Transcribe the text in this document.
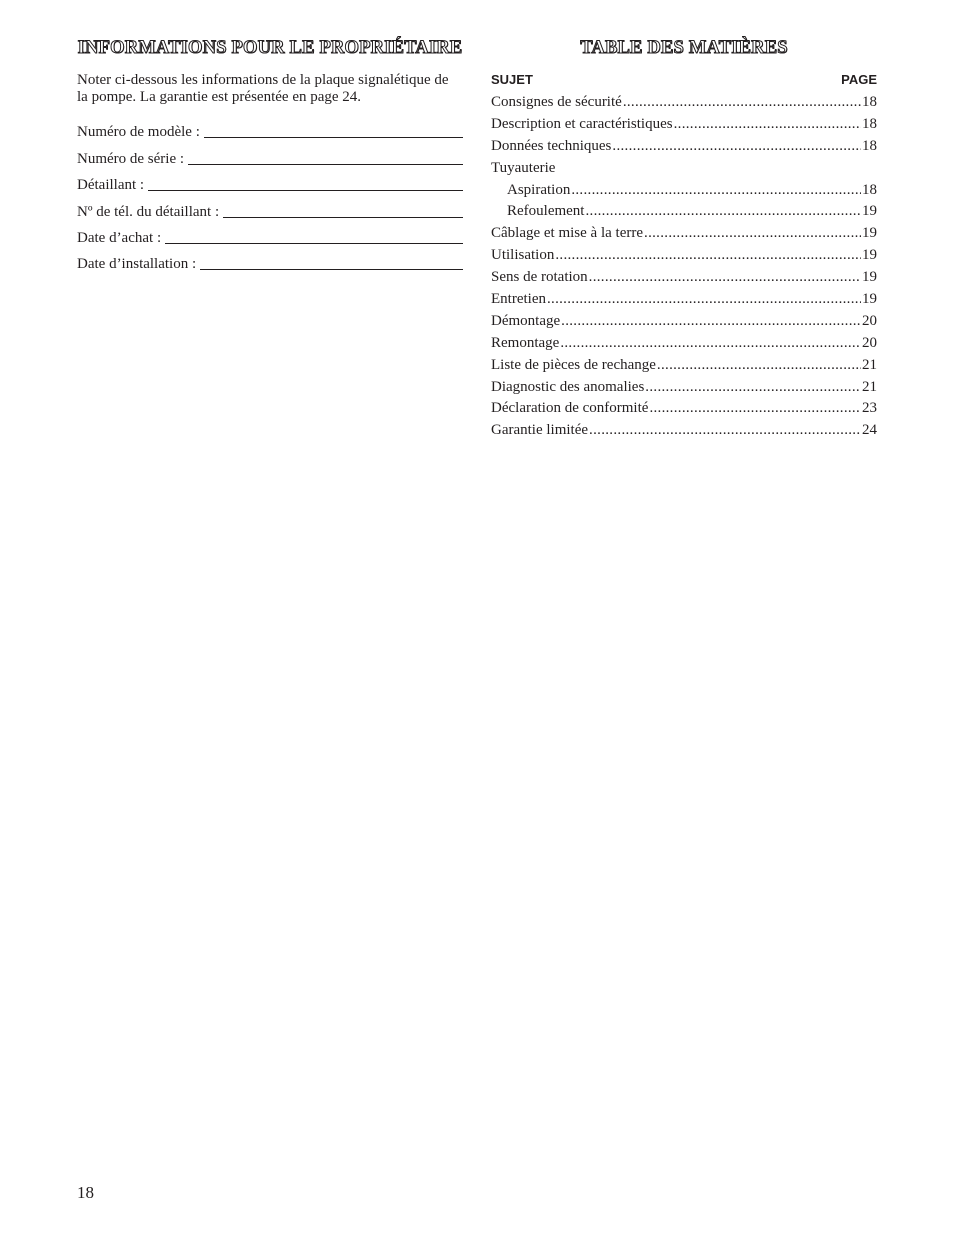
INFORMATIONS POUR LE PROPRIÉTAIRE

Noter ci-dessous les informations de la plaque signalétique de la pompe. La garantie est présentée en page 24.

Numéro de modèle :
Numéro de série :
Détaillant :
Nº de tél. du détaillant :
Date d’achat :
Date d’installation :
TABLE DES MATIÈRES
SUJET	PAGE
Consignes de sécurité .....	18
Description et caractéristiques .....	18
Données techniques .....	18
Tuyauterie
Aspiration .....	18
Refoulement .....	19
Câblage et mise à la terre .....	19
Utilisation .....	19
Sens de rotation .....	19
Entretien .....	19
Démontage .....	20
Remontage .....	20
Liste de pièces de rechange .....	21
Diagnostic des anomalies .....	21
Déclaration de conformité .....	23
Garantie limitée .....	24
18
